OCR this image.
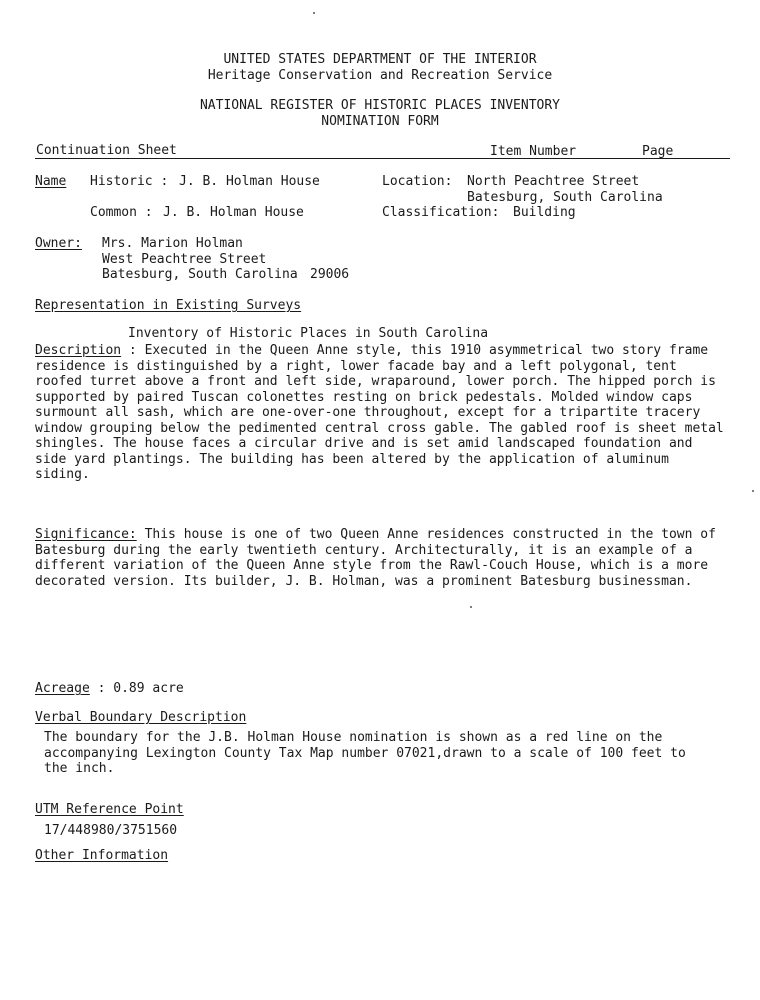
UNITED STATES DEPARTMENT OF THE INTERIOR
Heritage Conservation and Recreation Service
NATIONAL REGISTER OF HISTORIC PLACES INVENTORY
NOMINATION FORM
Continuation Sheet	Item Number	Page
Name Historic : J. B. Holman House
Common : J. B. Holman House
Location: North Peachtree Street
Batesburg, South Carolina
Classification: Building
Owner: Mrs. Marion Holman
West Peachtree Street
Batesburg, South Carolina 29006
Representation in Existing Surveys
Inventory of Historic Places in South Carolina
Description : Executed in the Queen Anne style, this 1910 asymmetrical two story frame residence is distinguished by a right, lower facade bay and a left polygonal, tent roofed turret above a front and left side, wraparound, lower porch. The hipped porch is supported by paired Tuscan colonettes resting on brick pedestals. Molded window caps surmount all sash, which are one-over-one throughout, except for a tripartite tracery window grouping below the pedimented central cross gable. The gabled roof is sheet metal shingles. The house faces a circular drive and is set amid landscaped foundation and side yard plantings. The building has been altered by the application of aluminum siding.
Significance: This house is one of two Queen Anne residences constructed in the town of Batesburg during the early twentieth century. Architecturally, it is an example of a different variation of the Queen Anne style from the Rawl-Couch House, which is a more decorated version. Its builder, J. B. Holman, was a prominent Batesburg businessman.
Acreage : 0.89 acre
Verbal Boundary Description
The boundary for the J.B. Holman House nomination is shown as a red line on the accompanying Lexington County Tax Map number 07021,drawn to a scale of 100 feet to the inch.
UTM Reference Point
17/448980/3751560
Other Information
